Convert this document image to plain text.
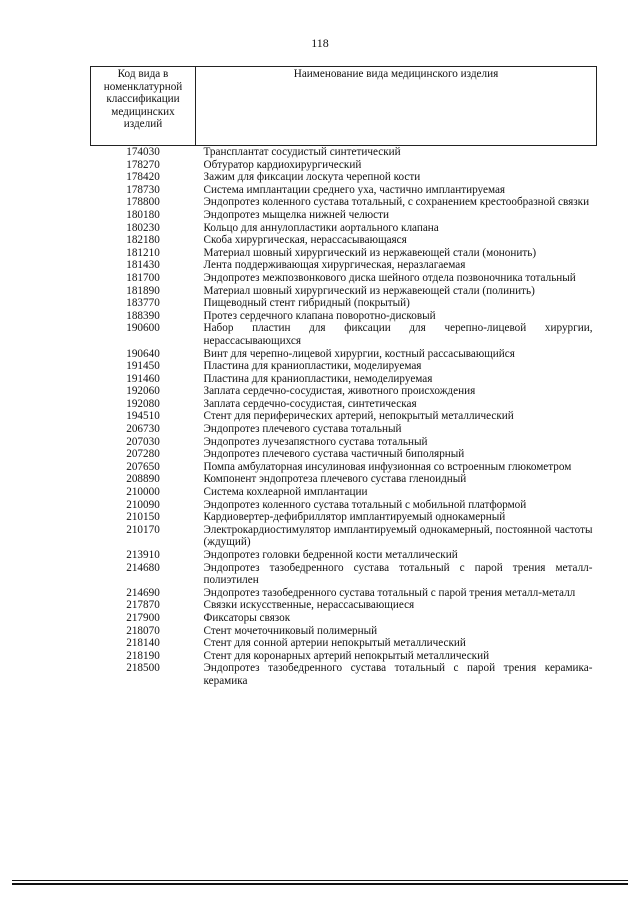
118
Код вида в номенклатурной классификации медицинских изделий	Наименование вида медицинского изделия
174030	Трансплантат сосудистый синтетический
178270	Обтуратор кардиохирургический
178420	Зажим для фиксации лоскута черепной кости
178730	Система имплантации среднего уха, частично имплантируемая
178800	Эндопротез коленного сустава тотальный, с сохранением крестообразной связки
180180	Эндопротез мыщелка нижней челюсти
180230	Кольцо для аннулопластики аортального клапана
182180	Скоба хирургическая, нерассасывающаяся
181210	Материал шовный хирургический из нержавеющей стали (мононить)
181430	Лента поддерживающая хирургическая, неразлагаемая
181700	Эндопротез межпозвонкового диска шейного отдела позвоночника тотальный
181890	Материал шовный хирургический из нержавеющей стали (полинить)
183770	Пищеводный стент гибридный (покрытый)
188390	Протез сердечного клапана поворотно-дисковый
190600	Набор пластин для фиксации для черепно-лицевой хирургии, нерассасывающихся
190640	Винт для черепно-лицевой хирургии, костный рассасывающийся
191450	Пластина для краниопластики, моделируемая
191460	Пластина для краниопластики, немоделируемая
192060	Заплата сердечно-сосудистая, животного происхождения
192080	Заплата сердечно-сосудистая, синтетическая
194510	Стент для периферических артерий, непокрытый металлический
206730	Эндопротез плечевого сустава тотальный
207030	Эндопротез лучезапястного сустава тотальный
207280	Эндопротез плечевого сустава частичный биполярный
207650	Помпа амбулаторная инсулиновая инфузионная со встроенным глюкометром
208890	Компонент эндопротеза плечевого сустава гленоидный
210000	Система кохлеарной имплантации
210090	Эндопротез коленного сустава тотальный с мобильной платформой
210150	Кардиовертер-дефибриллятор имплантируемый однокамерный
210170	Электрокардиостимулятор имплантируемый однокамерный, постоянной частоты (ждущий)
213910	Эндопротез головки бедренной кости металлический
214680	Эндопротез тазобедренного сустава тотальный с парой трения металл-полиэтилен
214690	Эндопротез тазобедренного сустава тотальный с парой трения металл-металл
217870	Связки искусственные, нерассасывающиеся
217900	Фиксаторы связок
218070	Стент мочеточниковый полимерный
218140	Стент для сонной артерии непокрытый металлический
218190	Стент для коронарных артерий непокрытый металлический
218500	Эндопротез тазобедренного сустава тотальный с парой трения керамика-керамика
